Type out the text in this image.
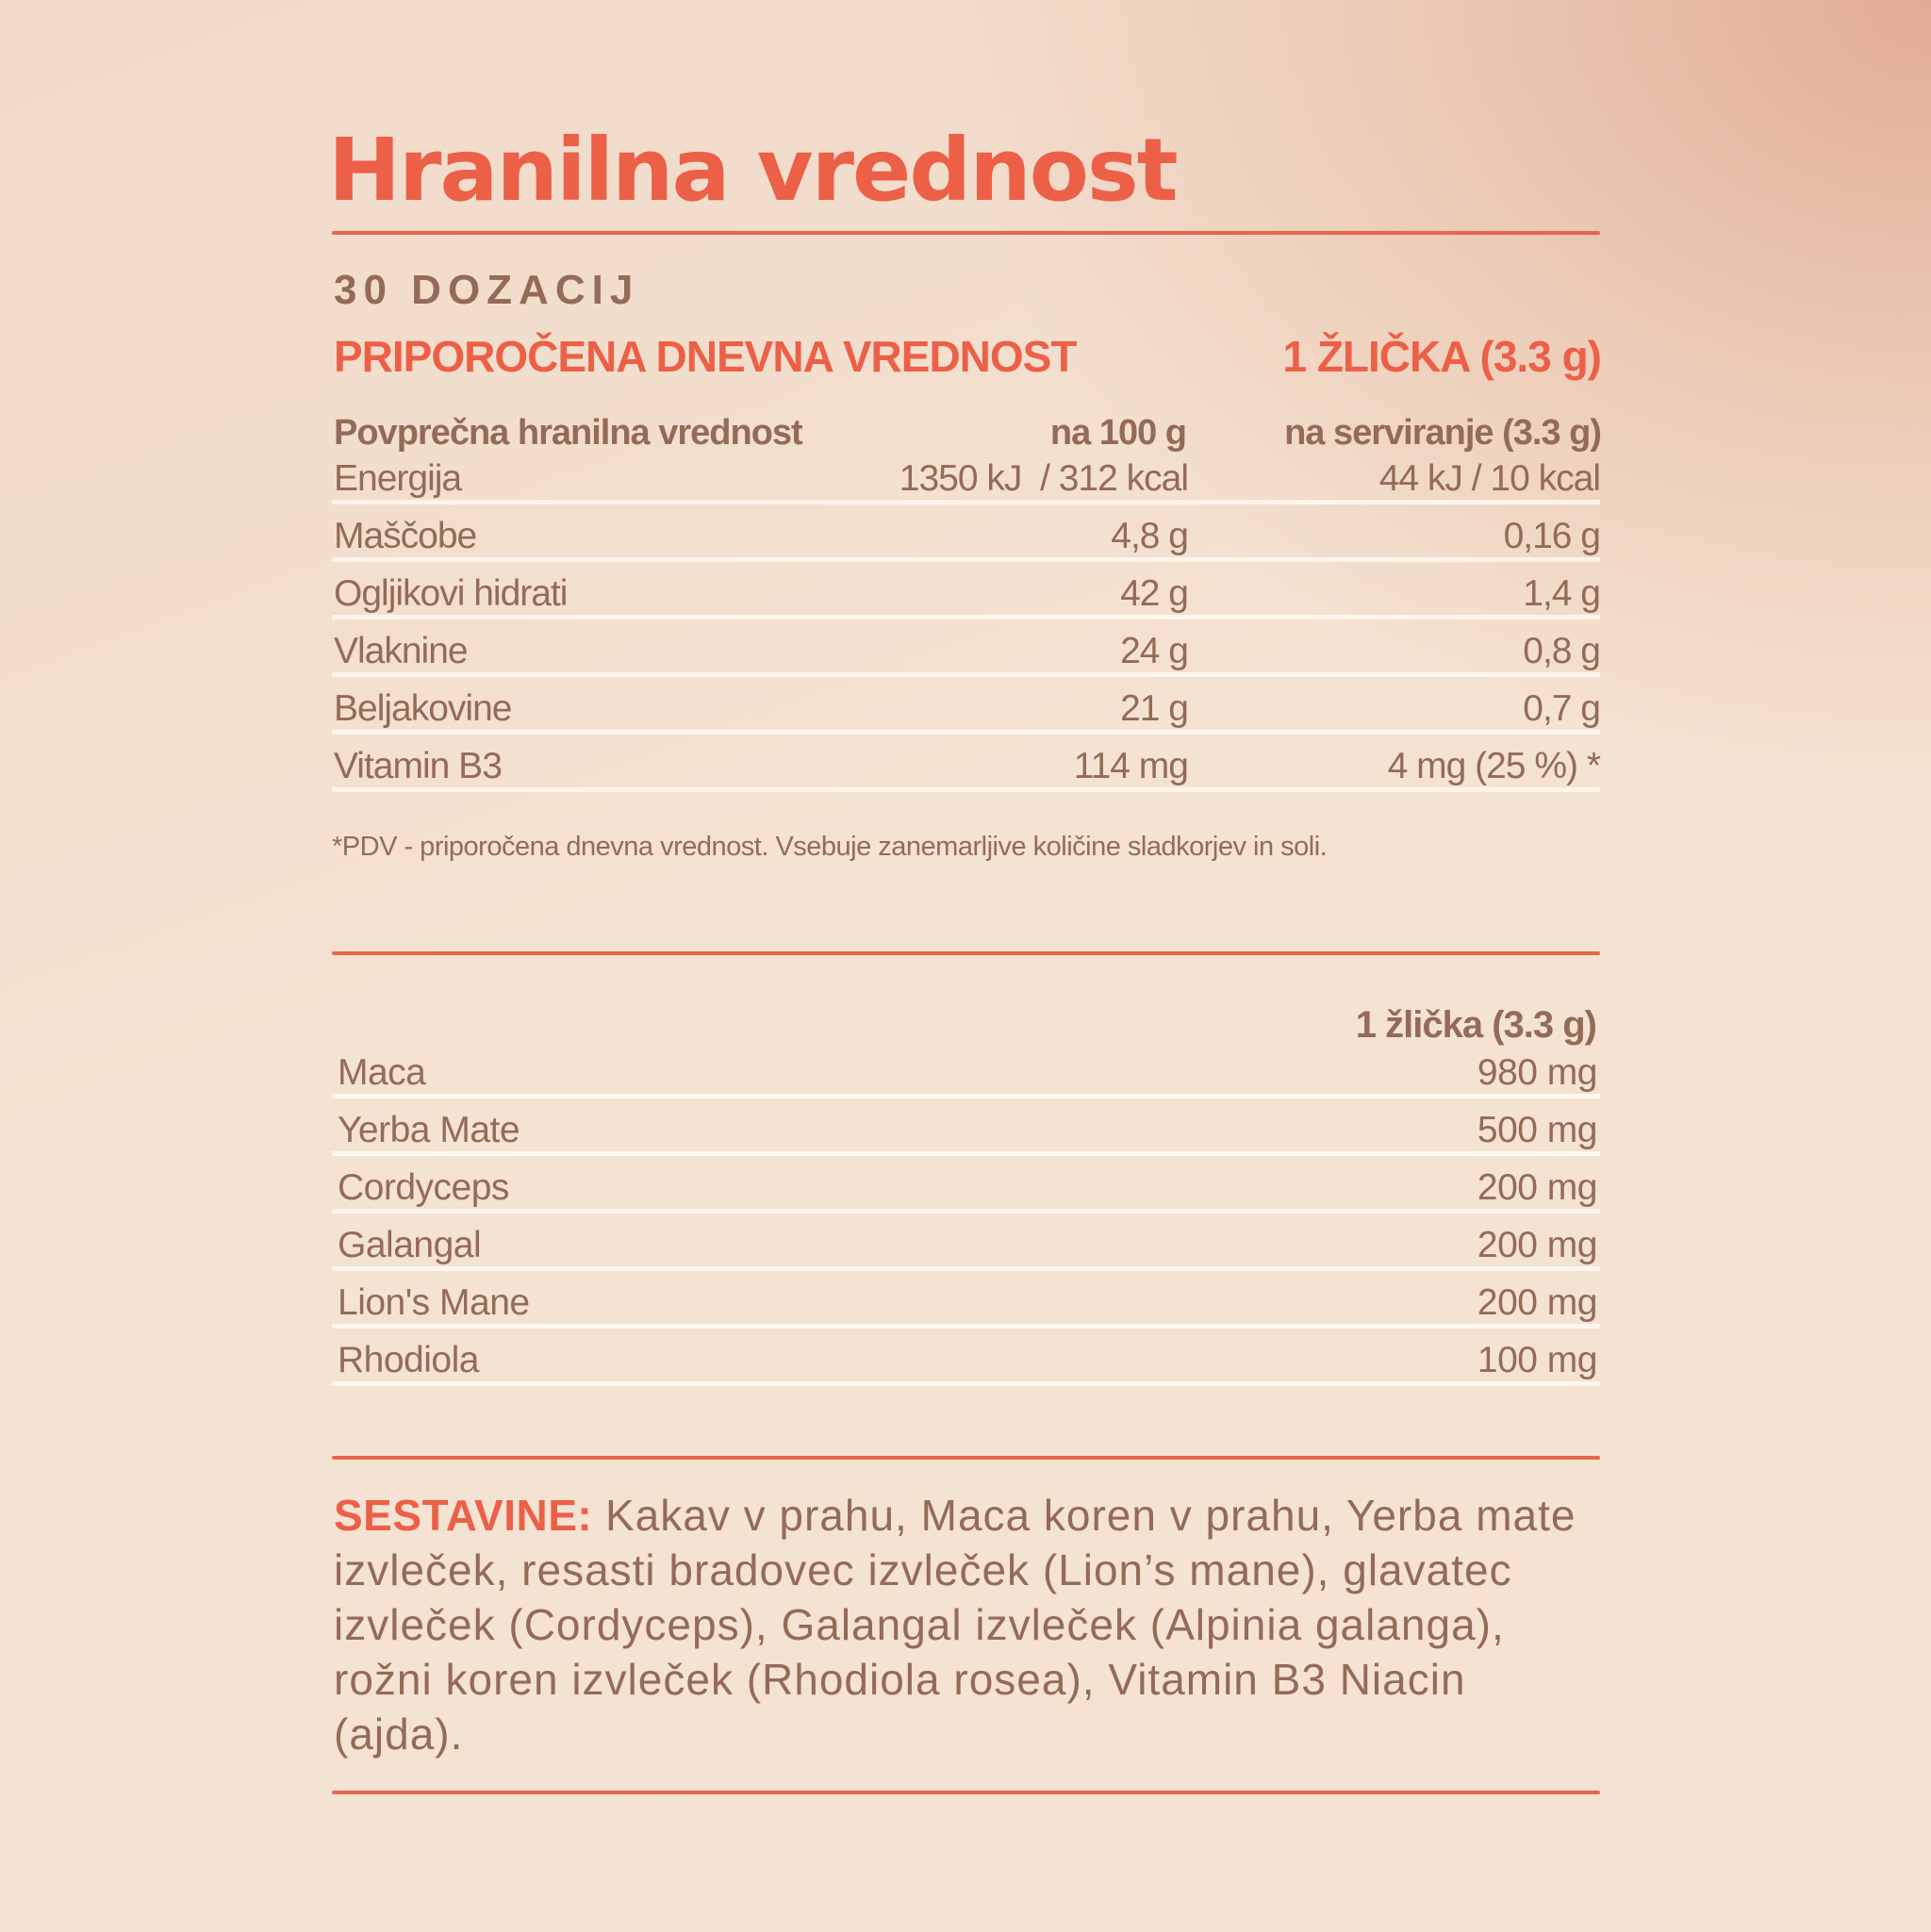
Hranilna vrednost
30 DOZACIJ
PRIPOROČENA DNEVNA VREDNOST	1 ŽLIČKA (3.3 g)
Povprečna hranilna vrednost	na 100 g	na serviranje (3.3 g)
Energija	1350 kJ  / 312 kcal	44 kJ / 10 kcal
Maščobe	4,8 g	0,16 g
Ogljikovi hidrati	42 g	1,4 g
Vlaknine	24 g	0,8 g
Beljakovine	21 g	0,7 g
Vitamin B3	114 mg	4 mg (25 %) *
*PDV - priporočena dnevna vrednost. Vsebuje zanemarljive količine sladkorjev in soli.
1 žlička (3.3 g)
Maca	980 mg
Yerba Mate	500 mg
Cordyceps	200 mg
Galangal	200 mg
Lion's Mane	200 mg
Rhodiola	100 mg
SESTAVINE: Kakav v prahu, Maca koren v prahu, Yerba mate izvleček, resasti bradovec izvleček (Lion’s mane), glavatec izvleček (Cordyceps), Galangal izvleček (Alpinia galanga), rožni koren izvleček (Rhodiola rosea), Vitamin B3 Niacin (ajda).
